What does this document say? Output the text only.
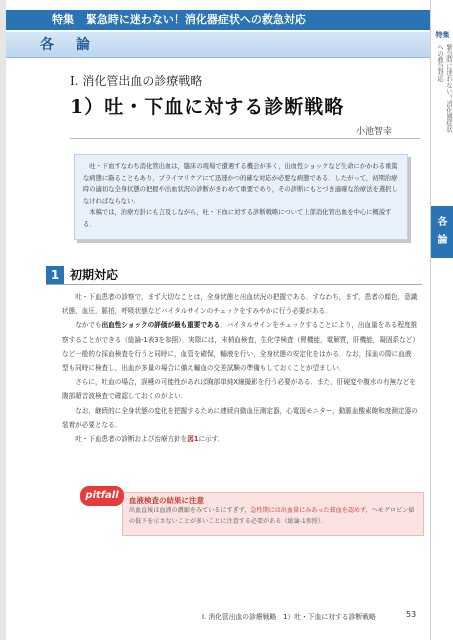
特集 緊急時に迷わない！消化器症状への救急対応
各　論
Ⅰ. 消化管出血の診療戦略
1）吐・下血に対する診断戦略
小池智幸

吐・下血すなわち消化管出血は，臨床の現場で遭遇する機会が多く，出血性ショックなど生命にかかわる重篤な病態に陥ることもあり，プライマリケアにて迅速かつ的確な対応が必要な病態である．したがって，初期治療時の適切な全身状態の把握や出血状況の診断がきわめて重要であり，その診断にもとづき適確な治療法を選択しなければならない．

本稿では，治療方針にも言及しながら，吐・下血に対する診断戦略について上部消化管出血を中心に概説する．

1 初期対応

吐・下血患者の診察で，まず大切なことは，全身状態と出血状況の把握である．すなわち，まず，患者の顔色，意識状態，血圧，脈拍，呼吸状態などバイタルサインのチェックをすみやかに行う必要がある．

なかでも出血性ショックの評価が最も重要である．バイタルサインをチェックすることにより，出血量をある程度推察することができる（総論-1表3を参照）．実際には，末梢血検査，生化学検査（腎機能，電解質，肝機能，凝固系など）など一般的な採血検査を行うと同時に，血管を確保，輸液を行い，全身状態の安定化をはかる．なお，採血の際に血液型も同時に検査し，出血が多量の場合に備え輸血の交差試験の準備もしておくことが望ましい．

さらに，吐血の場合，誤嚥の可能性があれば胸部単純X線撮影を行う必要がある．また，肝硬変や腹水の有無などを腹部超音波検査で確認しておくのがよい．

なお，継続的に全身状態の変化を把握するために連続自動血圧測定器，心電図モニター，動脈血酸素飽和度測定器の装着が必要となる．

吐・下血患者の診断および治療方針を図1に示す．

血液検査の結果に注意
出血直後は血液の濃縮をみているにすぎず，急性期には出血量にみあった貧血を認めず，ヘモグロビン値の低下を示さないことが多いことに注意する必要がある（総論-1参照）．
pitfall
Ⅰ. 消化管出血の診療戦略　1）吐・下血に対する診断戦略	53
特集
緊急時に迷わない！消化器症状への救急対応
各論
